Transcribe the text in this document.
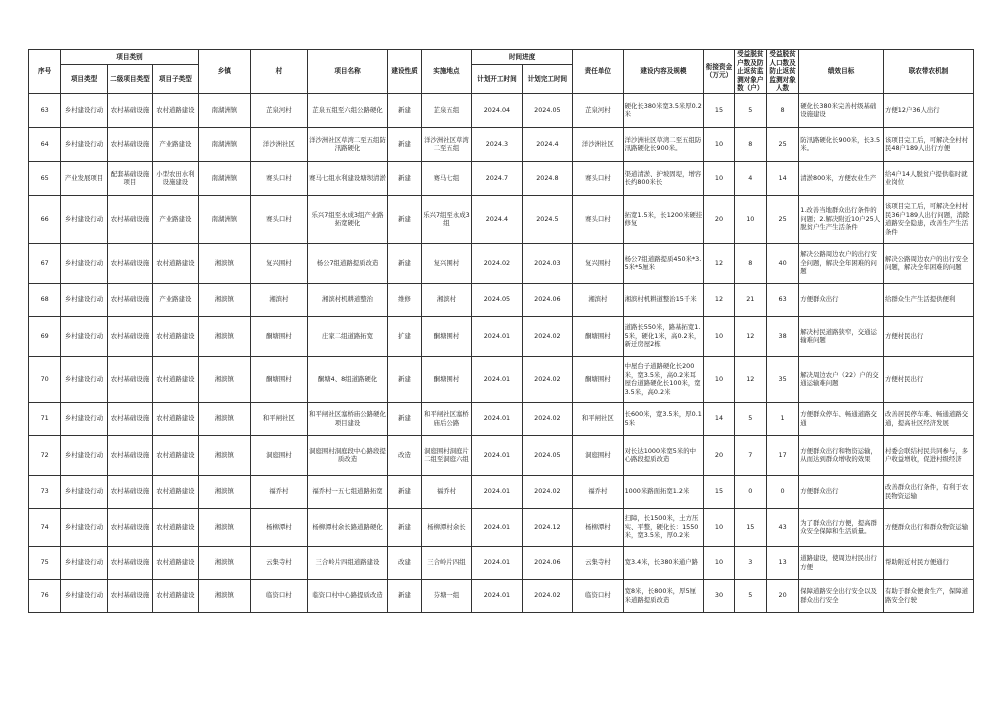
序号	项目类别			乡镇	村	项目名称	建设性质	实施地点	时间进度		责任单位	建设内容及规模	衔接资金（万元）	受益脱贫户数及防止返贫监测对象户数（户）	受益脱贫人口数及防止返贫监测对象人数	绩效目标	联农带农机制
	项目类型	二级项目类型	项目子类型						计划开工时间	计划完工时间							
63	乡村建设行动	农村基础设施	农村道路建设	南湖洲镇	芷泉河村	芷泉五组至六组公路硬化	新建	芷泉五组	2024.04	2024.05	芷泉河村	硬化长380米宽3.5米厚0.2米	15	5	8	硬化长380米完善村级基础设施建设	方便12户36人出行
64	乡村建设行动	农村基础设施	产业路建设	南湖洲镇	洋沙洲社区	洋沙洲社区草湾二至五组防汛路硬化	新建	洋沙洲社区草湾二至五组	2024.3	2024.4	洋沙洲社区	洋沙洲社区草湾二至五组防汛路硬化长900米。	10	8	25	防汛路硬化长900米，长3.5米。	该项目完工后，可解决全村村民48户189人出行方便
65	产业发展项目	配套基础设施项目	小型农田水利设施建设	南湖洲镇	赛头口村	赛马七组水利建设塘坝清淤	新建	赛马七组	2024.7	2024.8	赛头口村	渠道清淤、护坡固堤，增容长约800米长	10	4	14	清淤800米，方便农业生产	给4户14人脱贫户提供临时就业岗位
66	乡村建设行动	农村基础设施	产业路建设	南湖洲镇	赛头口村	乐兴7组至永成3组产业路拓宽硬化	新建	乐兴7组至永成3组	2024.4	2024.5	赛头口村	拓宽1.5米，长1200米硬挂修复	20	10	25	1.改善当地群众出行条件的问题；2.解决附近10户25人脱贫户生产生活条件	该项目完工后，可解决全村村民36户189人出行问题，消除道路安全隐患，改善生产生活条件
67	乡村建设行动	农村基础设施	农村道路建设	湘滨镇	复兴围村	杨公7组道路提质改造	新建	复兴围村	2024.02	2024.03	复兴围村	杨公7组道路提质450米*3.5米*5厘米	12	8	40	解决公路周边农户的出行安全问题，解决全年困难的问题	解决公路周边农户的出行安全问题，解决全年困难的问题
68	乡村建设行动	农村基础设施	产业路建设	湘滨镇	湘滨村	湘滨村机耕道整治	维修	湘滨村	2024.05	2024.06	湘滨村	湘滨村机耕道整治15千米	12	21	63	方便群众出行	给群众生产生活提供便利
69	乡村建设行动	农村基础设施	农村道路建设	湘滨镇	酮塘围村	庄家二组道路拓宽	扩建	酮塘围村	2024.01	2024.02	酮塘围村	道路长550米，路基拓宽1.5米，硬化1米，高0.2米，新迁房屋2栋	10	12	38	解决村民道路狭窄，交通运输难问题	方便村民出行
70	乡村建设行动	农村基础设施	农村道路建设	湘滨镇	酮塘围村	酮塘4、8组道路硬化	新建	酮塘围村	2024.01	2024.02	酮塘围村	中屋台子道路硬化长200米，宽3.5米，高0.2米耳屋台道路硬化长100米，宽3.5米，高0.2米	10	12	35	解决周边农户（22）户的交通运输难问题	方便村民出行
71	乡村建设行动	农村基础设施	农村道路建设	湘滨镇	和平闸社区	和平闸社区塞桥庙公路硬化项目建设	新建	和平闸社区塞桥庙后公路	2024.01	2024.02	和平闸社区	长600米，宽3.5米，厚0.15米	14	5	1	方便群众停车、畅通道路交通	改善居民停车难、畅通道路交通，提高社区经济发展
72	乡村建设行动	农村基础设施	农村道路建设	湘滨镇	洞庭围村	洞庭围村洞庭段中心路段提质改造	改造	洞庭围村洞庭片二组至洞庭六组	2024.01	2024.05	洞庭围村	对长达1000米宽5米的中心路段提质改造	20	7	17	方便群众出行和物资运输，从而达到群众增收的效果	村委会联结村民共同参与，多户收益增收，促进村级经济
73	乡村建设行动	农村基础设施	农村道路建设	湘滨镇	福乔村	福乔村一五七组道路拓宽	新建	福乔村	2024.01	2024.02	福乔村	1000米路面拓宽1.2米	15	0	0	方便群众出行	改善群众出行条件，有利于农民物资运输
74	乡村建设行动	农村基础设施	农村道路建设	湘滨镇	杨柳潭村	杨柳潭村余长路道路硬化	新建	杨柳潭村余长	2024.01	2024.12	杨柳潭村	扫障，长1500米，土方压实、平整，硬化长：1550米，宽3.5米，厚0.2米	10	15	43	为了群众出行方便，提高群众安全保障和生活质量。	方便群众出行和群众物资运输
75	乡村建设行动	农村基础设施	农村道路建设	湘滨镇	云集寺村	三合岭片四组道路建设	改建	三合岭片四组	2024.01	2024.06	云集寺村	宽3.4米，长380米通户路	10	3	13	道路建设，使周边村民出行方便	帮助附近村民方便通行
76	乡村建设行动	农村基础设施	农村道路建设	湘滨镇	临资口村	临资口村中心路提质改造	新建	芬塘一组	2024.01	2024.02	临资口村	宽8米，长800米，厚5厘米道路提质改造	30	5	20	保障道路安全出行安全以及群众出行安全	有助于群众便食生产，保障道路安全行驶
